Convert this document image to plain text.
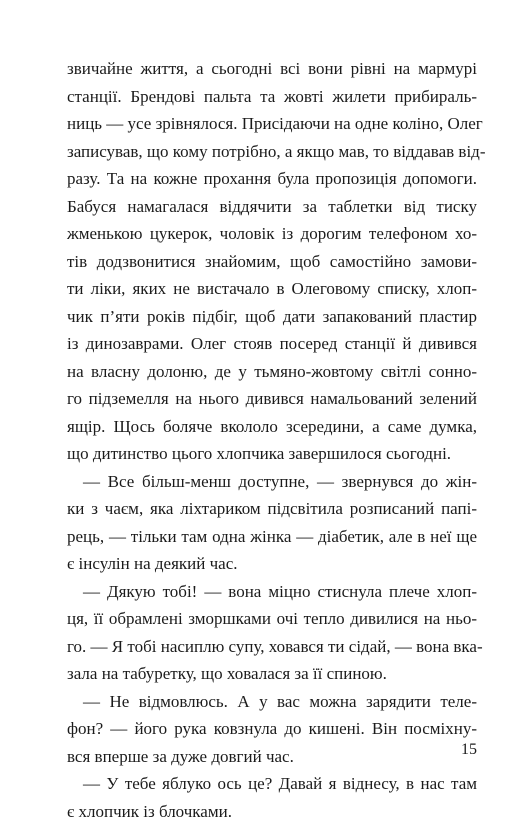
звичайне життя, а сьогодні всі вони рівні на мармурі
станції. Брендові пальта та жовті жилети прибираль-
ниць — усе зрівнялося. Присідаючи на одне коліно, Олег
записував, що кому потрібно, а якщо мав, то віддавав від-
разу. Та на кожне прохання була пропозиція допомоги.
Бабуся намагалася віддячити за таблетки від тиску
жменькою цукерок, чоловік із дорогим телефоном хо-
тів додзвонитися знайомим, щоб самостійно замови-
ти ліки, яких не вистачало в Олеговому списку, хлоп-
чик п’яти років підбіг, щоб дати запакований пластир
із динозаврами. Олег стояв посеред станції й дивився
на власну долоню, де у тьмяно-жовтому світлі сонно-
го підземелля на нього дивився намальований зелений
ящір. Щось боляче вкололо зсередини, а саме думка,
що дитинство цього хлопчика завершилося сьогодні.
— Все більш-менш доступне, — звернувся до жін-
ки з чаєм, яка ліхтариком підсвітила розписаний папі-
рець, — тільки там одна жінка — діабетик, але в неї ще
є інсулін на деякий час.
— Дякую тобі! — вона міцно стиснула плече хлоп-
ця, її обрамлені зморшками очі тепло дивилися на ньо-
го. — Я тобі насиплю супу, ховався ти сідай, — вона вка-
зала на табуретку, що ховалася за її спиною.
— Не відмовлюсь. А у вас можна зарядити теле-
фон? — його рука ковзнула до кишені. Він посміхну-
вся вперше за дуже довгий час.
— У тебе яблуко ось це? Давай я віднесу, в нас там
є хлопчик із блочками.
15
